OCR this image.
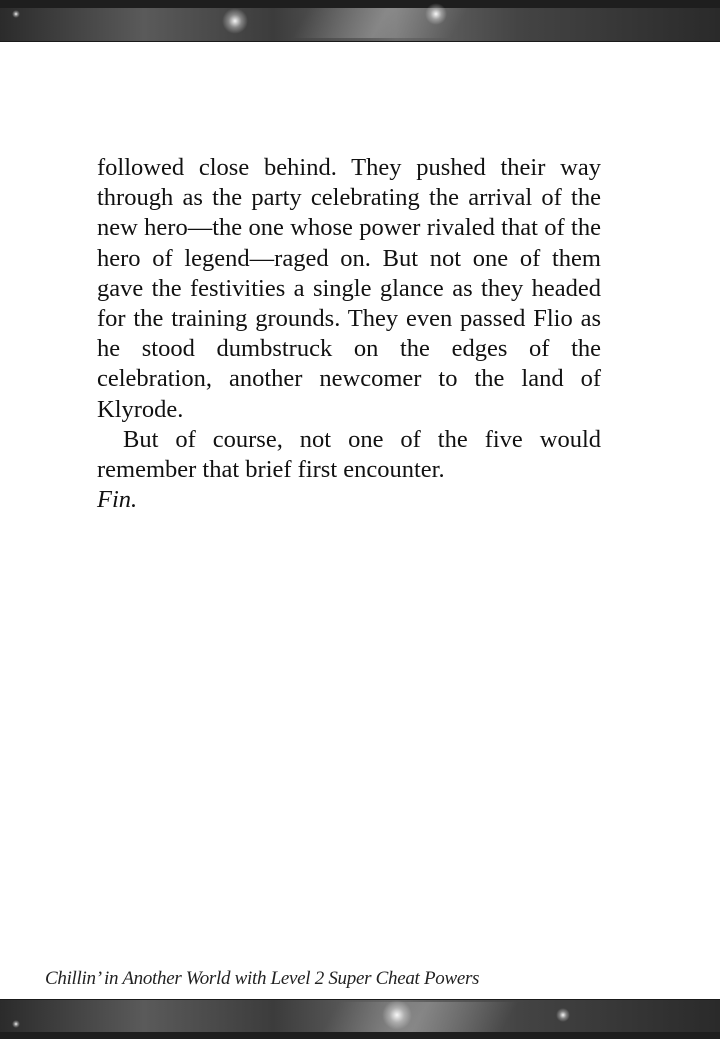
followed close behind. They pushed their way through as the party celebrating the arrival of the new hero—the one whose power rivaled that of the hero of legend—raged on. But not one of them gave the festivities a single glance as they headed for the training grounds. They even passed Flio as he stood dumbstruck on the edges of the celebration, another newcomer to the land of Klyrode.

But of course, not one of the five would remember that brief first encounter.

Fin.

Chillin’ in Another World with Level 2 Super Cheat Powers
